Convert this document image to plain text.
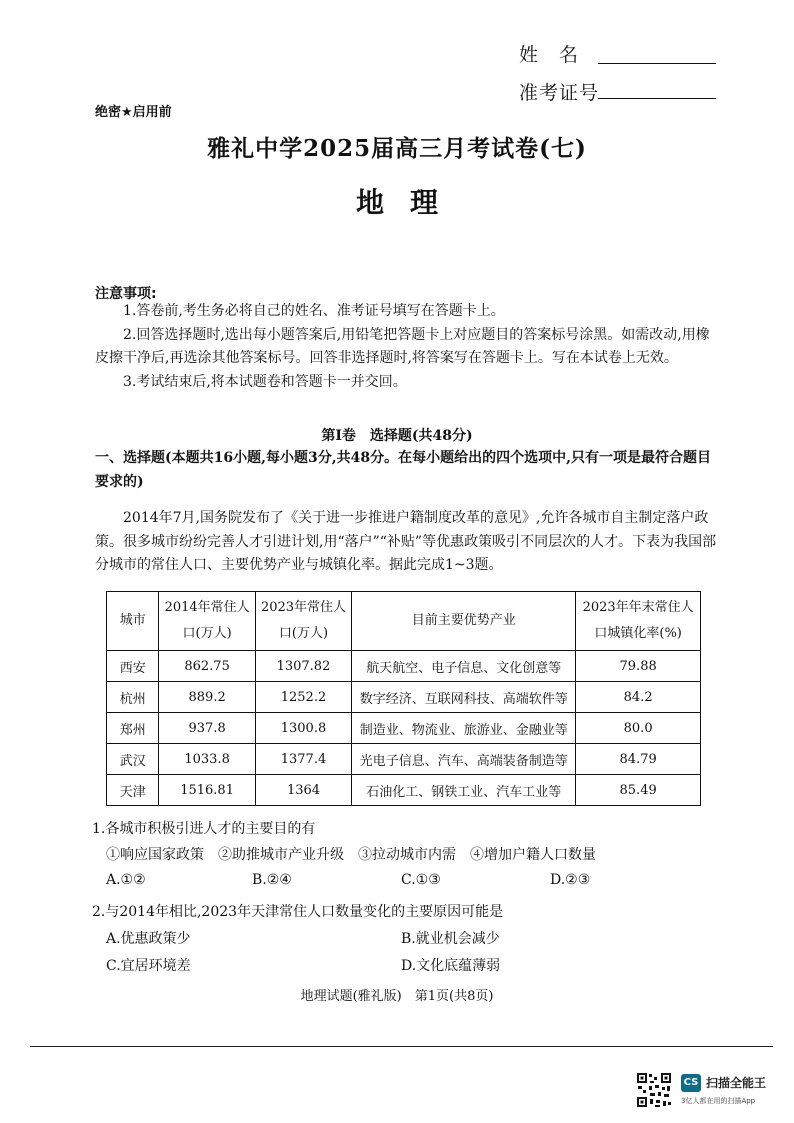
姓　名
准考证号
绝密★启用前
雅礼中学2025届高三月考试卷(七)
地理
注意事项:
1.答卷前,考生务必将自己的姓名、准考证号填写在答题卡上。
2.回答选择题时,选出每小题答案后,用铅笔把答题卡上对应题目的答案标号涂黑。如需改动,用橡皮擦干净后,再选涂其他答案标号。回答非选择题时,将答案写在答题卡上。写在本试卷上无效。
3.考试结束后,将本试题卷和答题卡一并交回。
第Ⅰ卷　选择题(共48分)
一、选择题(本题共16小题,每小题3分,共48分。在每小题给出的四个选项中,只有一项是最符合题目要求的)
2014年7月,国务院发布了《关于进一步推进户籍制度改革的意见》,允许各城市自主制定落户政策。很多城市纷纷完善人才引进计划,用“落户”“补贴”等优惠政策吸引不同层次的人才。下表为我国部分城市的常住人口、主要优势产业与城镇化率。据此完成1~3题。
城市	2014年常住人口(万人)	2023年常住人口(万人)	目前主要优势产业	2023年年末常住人口城镇化率(%)
西安	862.75	1307.82	航天航空、电子信息、文化创意等	79.88
杭州	889.2	1252.2	数字经济、互联网科技、高端软件等	84.2
郑州	937.8	1300.8	制造业、物流业、旅游业、金融业等	80.0
武汉	1033.8	1377.4	光电子信息、汽车、高端装备制造等	84.79
天津	1516.81	1364	石油化工、钢铁工业、汽车工业等	85.49
1.各城市积极引进人才的主要目的有
①响应国家政策　②助推城市产业升级　③拉动城市内需　④增加户籍人口数量
A.①②	B.②④	C.①③	D.②③
2.与2014年相比,2023年天津常住人口数量变化的主要原因可能是
A.优惠政策少	B.就业机会减少
C.宜居环境差	D.文化底蕴薄弱
地理试题(雅礼版)　第1页(共8页)
CS 扫描全能王
3亿人都在用的扫描App
